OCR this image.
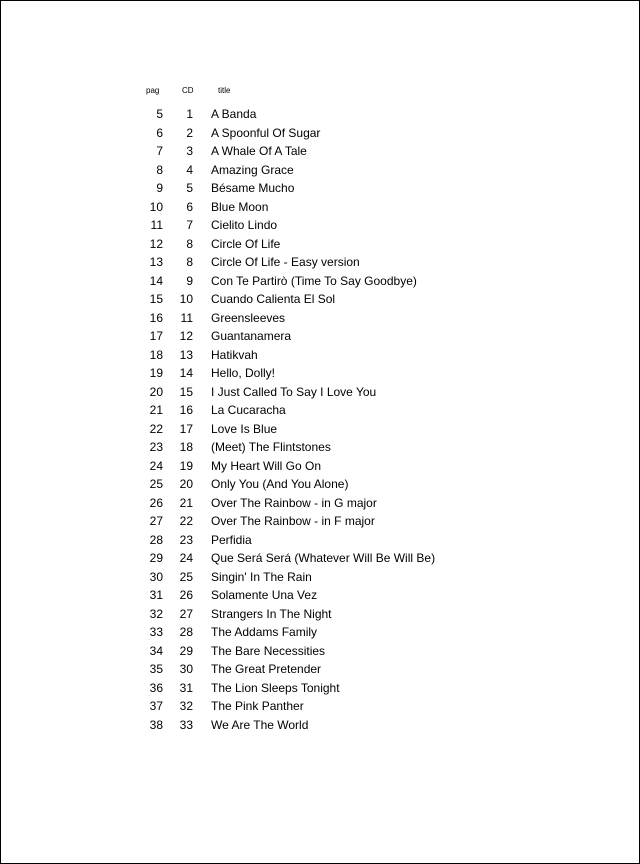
pag	CD	title
5	1 A Banda
6	2 A Spoonful Of Sugar
7	3 A Whale Of A Tale
8	4 Amazing Grace
9	5 Bésame Mucho
10	6 Blue Moon
11	7 Cielito Lindo
12	8 Circle Of Life
13	8 Circle Of Life - Easy version
14	9 Con Te Partirò (Time To Say Goodbye)
15	10 Cuando Calienta El Sol
16	11 Greensleeves
17	12 Guantanamera
18	13 Hatikvah
19	14 Hello, Dolly!
20	15 I Just Called To Say I Love You
21	16 La Cucaracha
22	17 Love Is Blue
23	18 (Meet) The Flintstones
24	19 My Heart Will Go On
25	20 Only You (And You Alone)
26	21 Over The Rainbow - in G major
27	22 Over The Rainbow - in F major
28	23 Perfidia
29	24 Que Será Será (Whatever Will Be Will Be)
30	25 Singin' In The Rain
31	26 Solamente Una Vez
32	27 Strangers In The Night
33	28 The Addams Family
34	29 The Bare Necessities
35	30 The Great Pretender
36	31 The Lion Sleeps Tonight
37	32 The Pink Panther
38	33 We Are The World
